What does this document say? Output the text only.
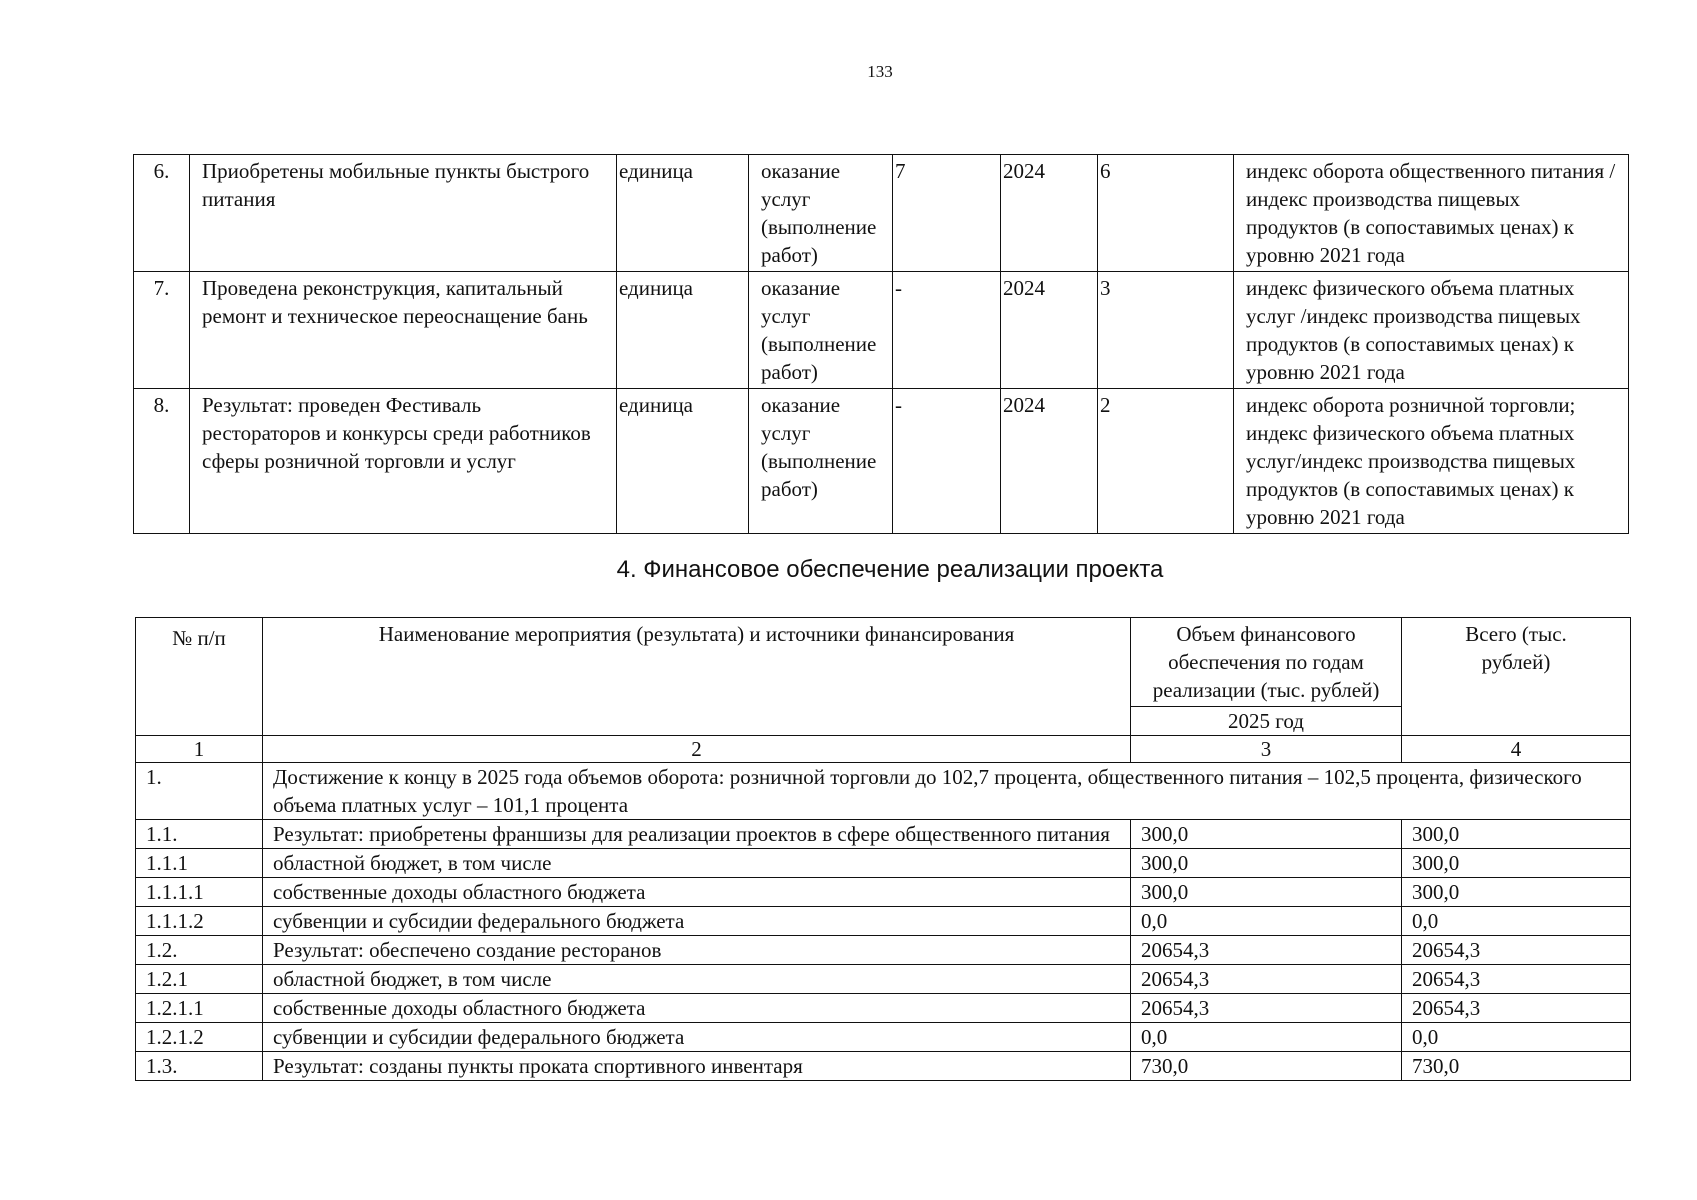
133
6.	Приобретены мобильные пункты быстрого питания	единица	оказание услуг (выполнение работ)	7	2024	6	индекс оборота общественного питания /индекс производства пищевых продуктов (в сопоставимых ценах) к уровню 2021 года
7.	Проведена реконструкция, капитальный ремонт и техническое переоснащение бань	единица	оказание услуг (выполнение работ)	-	2024	3	индекс физического объема платных услуг /индекс производства пищевых продуктов (в сопоставимых ценах) к уровню 2021 года
8.	Результат: проведен Фестиваль рестораторов и конкурсы среди работников сферы розничной торговли и услуг	единица	оказание услуг (выполнение работ)	-	2024	2	индекс оборота розничной торговли; индекс физического объема платных услуг/индекс производства пищевых продуктов (в сопоставимых ценах) к уровню 2021 года
4. Финансовое обеспечение реализации проекта
№ п/п	Наименование мероприятия (результата) и источники финансирования	Объем финансового обеспечения по годам реализации (тыс. рублей)	Всего (тыс. рублей)
		2025 год	
1	2	3	4
1.	Достижение к концу в 2025 года объемов оборота: розничной торговли до 102,7 процента, общественного питания – 102,5 процента, физического объема платных услуг – 101,1 процента		
1.1.	Результат: приобретены франшизы для реализации проектов в сфере общественного питания	300,0	300,0
1.1.1	областной бюджет, в том числе	300,0	300,0
1.1.1.1	собственные доходы областного бюджета	300,0	300,0
1.1.1.2	субвенции и субсидии федерального бюджета	0,0	0,0
1.2.	Результат: обеспечено создание ресторанов	20654,3	20654,3
1.2.1	областной бюджет, в том числе	20654,3	20654,3
1.2.1.1	собственные доходы областного бюджета	20654,3	20654,3
1.2.1.2	субвенции и субсидии федерального бюджета	0,0	0,0
1.3.	Результат: созданы пункты проката спортивного инвентаря	730,0	730,0
